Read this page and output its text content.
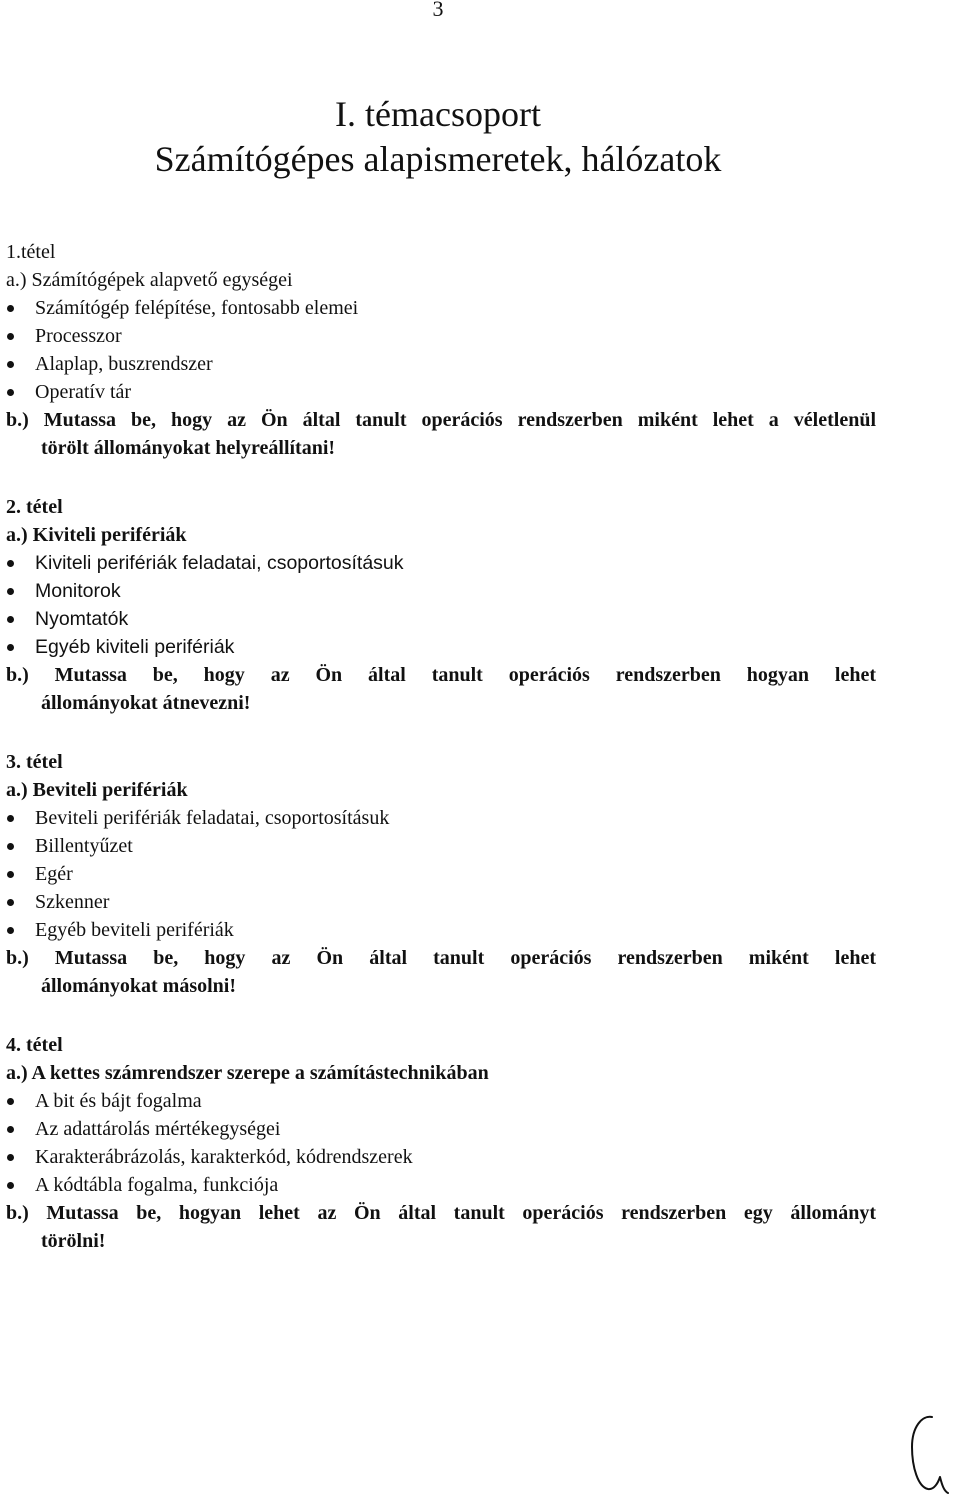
3
I. témacsoport
Számítógépes alapismeretek, hálózatok
1.tétel
a.) Számítógépek alapvető egységei
Számítógép felépítése, fontosabb elemei
Processzor
Alaplap, buszrendszer
Operatív tár
b.) Mutassa be, hogy az Ön által tanult operációs rendszerben miként lehet a véletlenül
törölt állományokat helyreállítani!
2. tétel
a.) Kiviteli perifériák
Kiviteli perifériák feladatai, csoportosításuk
Monitorok
Nyomtatók
Egyéb kiviteli perifériák
b.) Mutassa be, hogy az Ön által tanult operációs rendszerben hogyan lehet
állományokat átnevezni!
3. tétel
a.) Beviteli perifériák
Beviteli perifériák feladatai, csoportosításuk
Billentyűzet
Egér
Szkenner
Egyéb beviteli perifériák
b.) Mutassa be, hogy az Ön által tanult operációs rendszerben miként lehet
állományokat másolni!
4. tétel
a.) A kettes számrendszer szerepe a számítástechnikában
A bit és bájt fogalma
Az adattárolás mértékegységei
Karakterábrázolás, karakterkód, kódrendszerek
A kódtábla fogalma, funkciója
b.) Mutassa be, hogyan lehet az Ön által tanult operációs rendszerben egy állományt
törölni!
